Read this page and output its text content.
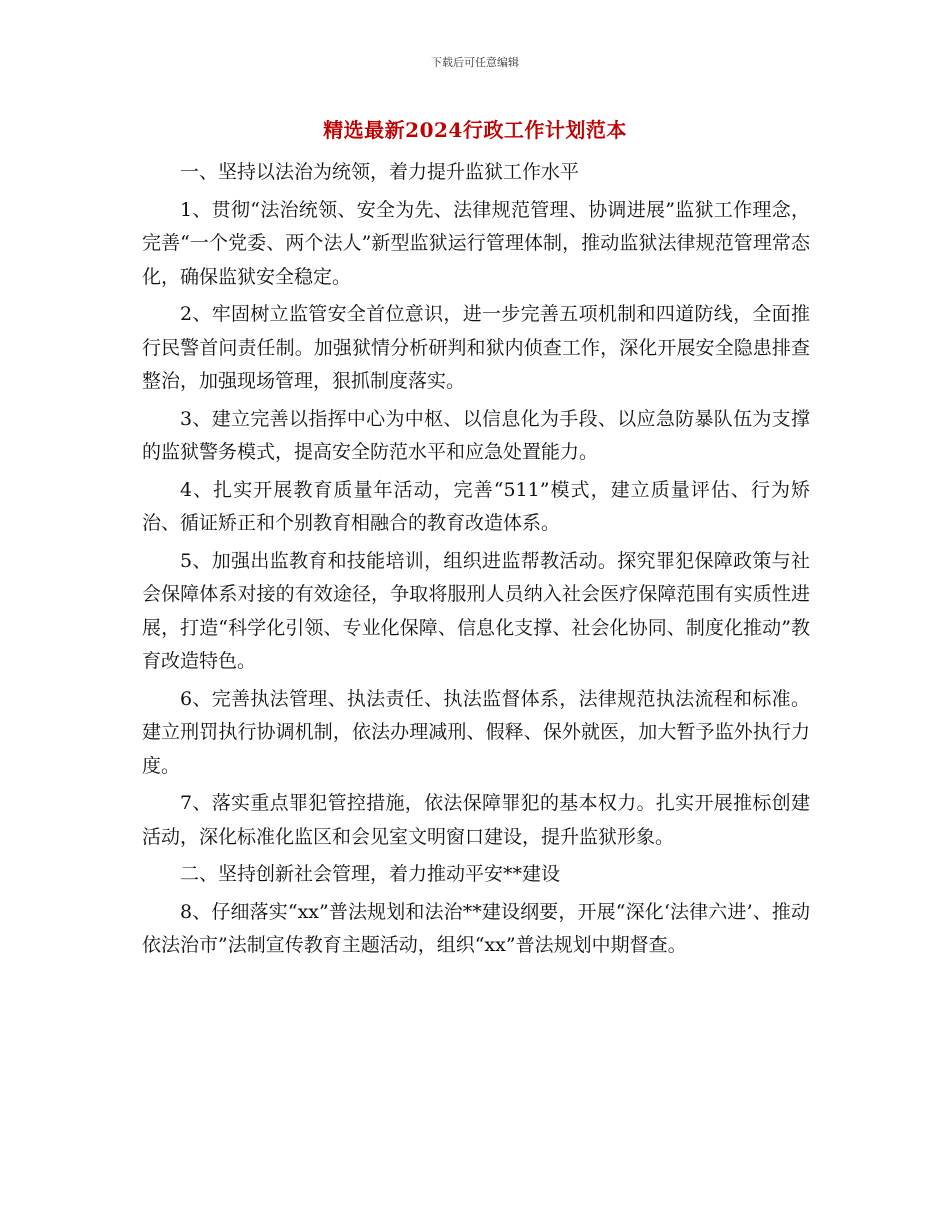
下载后可任意编辑
精选最新2024行政工作计划范本

一、坚持以法治为统领，着力提升监狱工作水平

1、贯彻“法治统领、安全为先、法律规范管理、协调进展”监狱工作理念，完善“一个党委、两个法人”新型监狱运行管理体制，推动监狱法律规范管理常态化，确保监狱安全稳定。

2、牢固树立监管安全首位意识，进一步完善五项机制和四道防线，全面推行民警首问责任制。加强狱情分析研判和狱内侦查工作，深化开展安全隐患排查整治，加强现场管理，狠抓制度落实。

3、建立完善以指挥中心为中枢、以信息化为手段、以应急防暴队伍为支撑的监狱警务模式，提高安全防范水平和应急处置能力。

4、扎实开展教育质量年活动，完善“511”模式，建立质量评估、行为矫治、循证矫正和个别教育相融合的教育改造体系。

5、加强出监教育和技能培训，组织进监帮教活动。探究罪犯保障政策与社会保障体系对接的有效途径，争取将服刑人员纳入社会医疗保障范围有实质性进展，打造“科学化引领、专业化保障、信息化支撑、社会化协同、制度化推动”教育改造特色。

6、完善执法管理、执法责任、执法监督体系，法律规范执法流程和标准。建立刑罚执行协调机制，依法办理减刑、假释、保外就医，加大暂予监外执行力度。

7、落实重点罪犯管控措施，依法保障罪犯的基本权力。扎实开展推标创建活动，深化标准化监区和会见室文明窗口建设，提升监狱形象。

二、坚持创新社会管理，着力推动平安**建设

8、仔细落实“xx”普法规划和法治**建设纲要，开展“深化‘法律六进’、推动依法治市”法制宣传教育主题活动，组织“xx”普法规划中期督查。
